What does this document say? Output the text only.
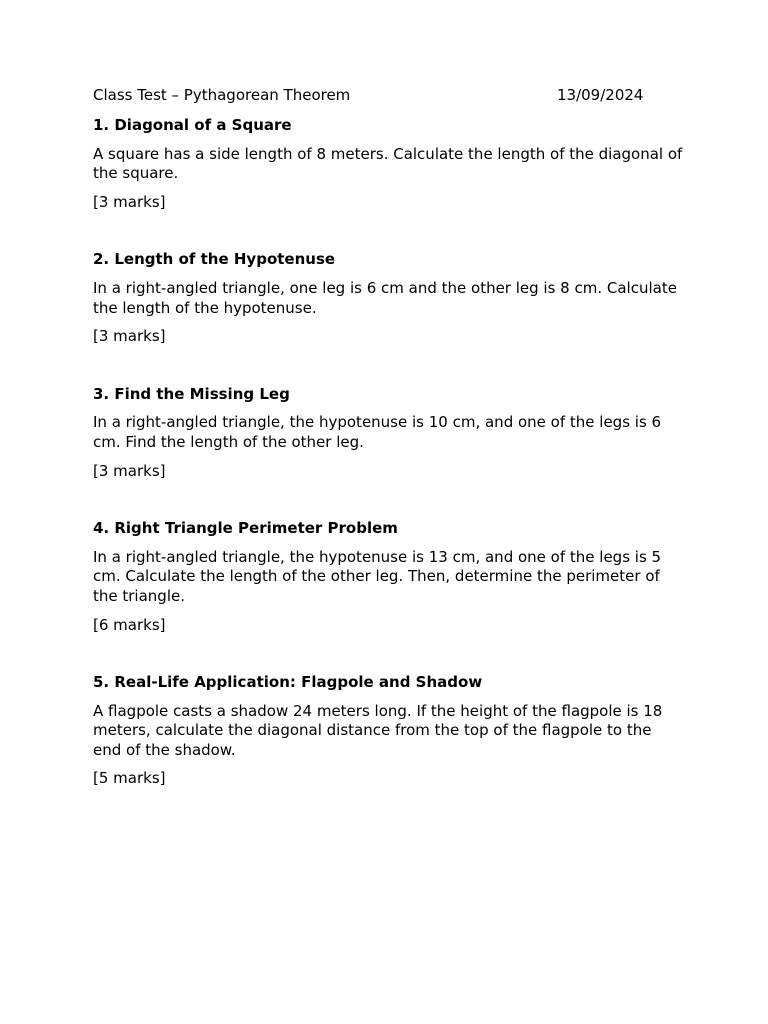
Class Test – Pythagorean Theorem	13/09/2024

1. Diagonal of a Square

A square has a side length of 8 meters. Calculate the length of the diagonal of the square.

[3 marks]

2. Length of the Hypotenuse

In a right-angled triangle, one leg is 6 cm and the other leg is 8 cm. Calculate the length of the hypotenuse.

[3 marks]

3. Find the Missing Leg

In a right-angled triangle, the hypotenuse is 10 cm, and one of the legs is 6 cm. Find the length of the other leg.

[3 marks]

4. Right Triangle Perimeter Problem

In a right-angled triangle, the hypotenuse is 13 cm, and one of the legs is 5 cm. Calculate the length of the other leg. Then, determine the perimeter of the triangle.

[6 marks]

5. Real-Life Application: Flagpole and Shadow

A flagpole casts a shadow 24 meters long. If the height of the flagpole is 18 meters, calculate the diagonal distance from the top of the flagpole to the end of the shadow.

[5 marks]
